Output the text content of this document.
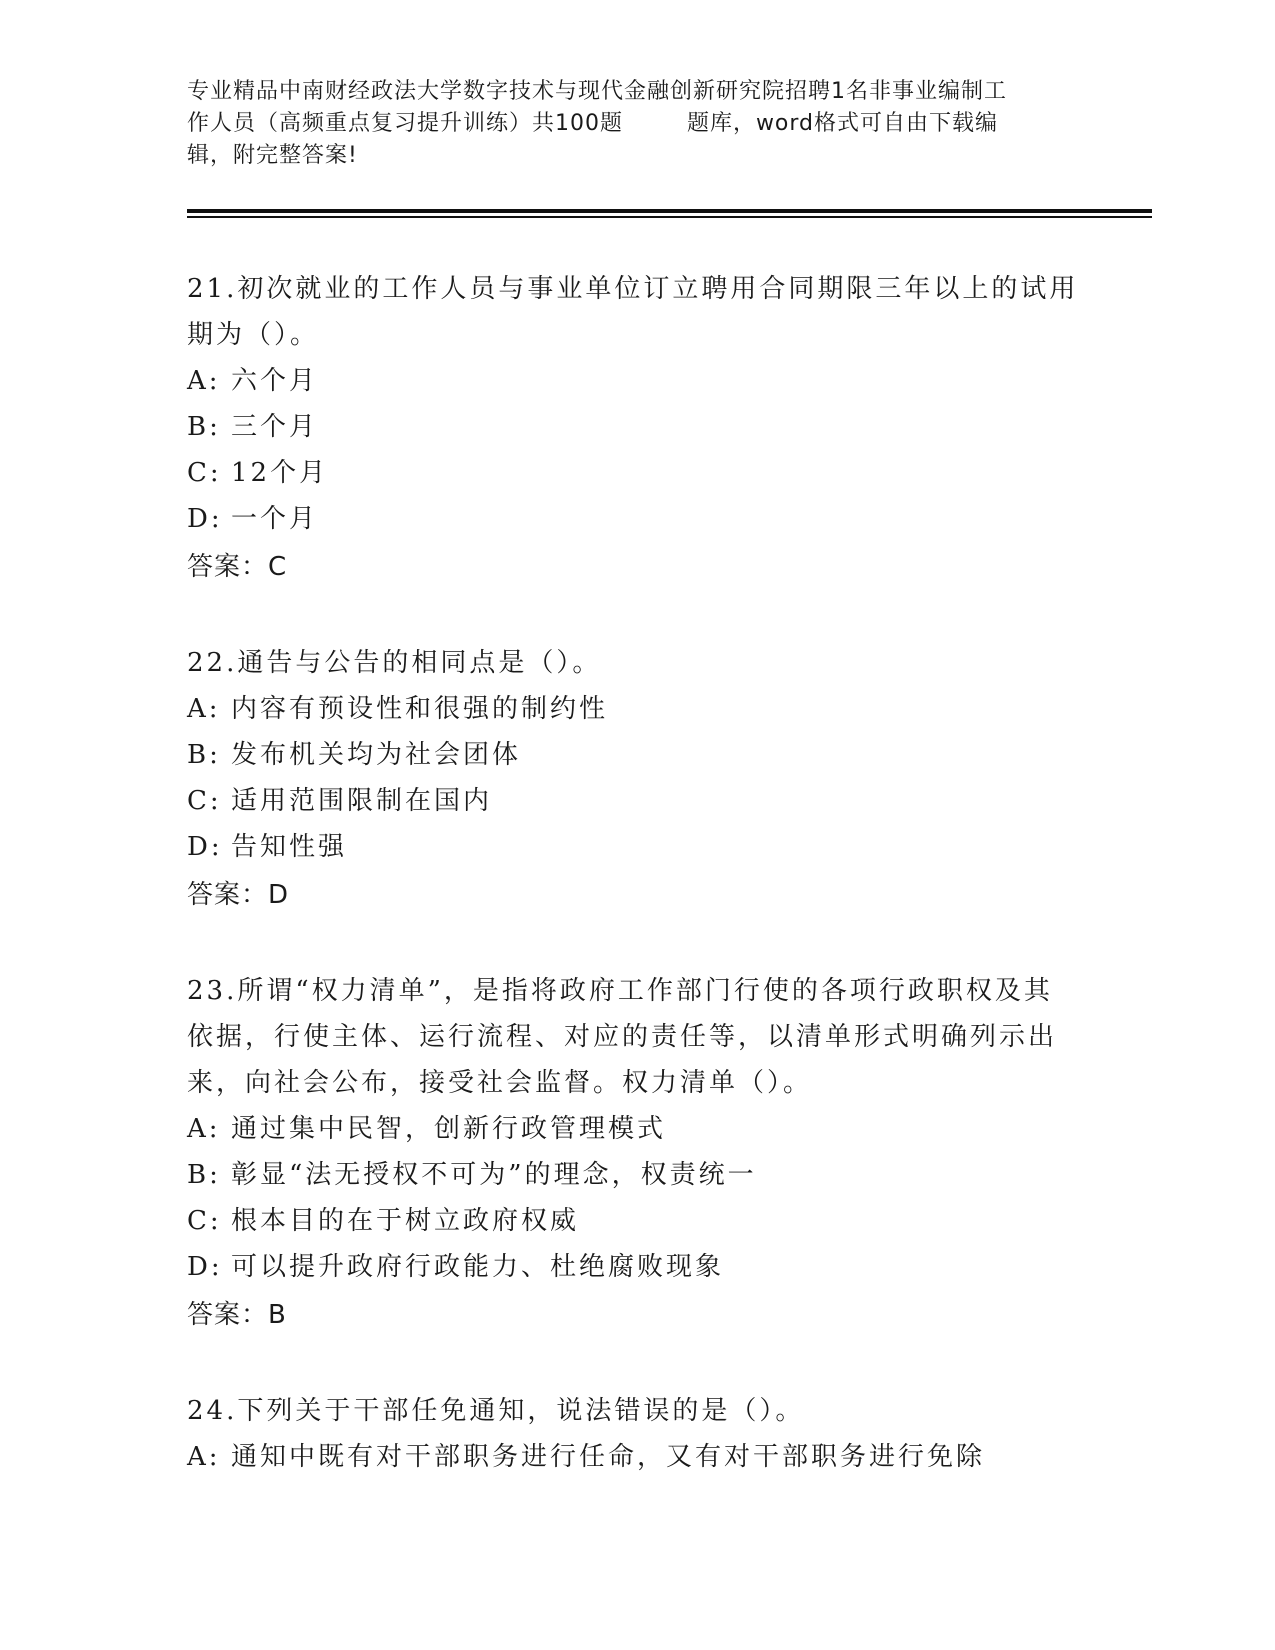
专业精品中南财经政法大学数字技术与现代金融创新研究院招聘1名非事业编制工
作人员（高频重点复习提升训练）共100题        题库，word格式可自由下载编
辑，附完整答案!
21.初次就业的工作人员与事业单位订立聘用合同期限三年以上的试用
期为（）。
A: 六个月
B: 三个月
C: 12个月
D: 一个月
答案：C
22.通告与公告的相同点是（）。
A: 内容有预设性和很强的制约性
B: 发布机关均为社会团体
C: 适用范围限制在国内
D: 告知性强
答案：D
23.所谓“权力清单”，是指将政府工作部门行使的各项行政职权及其
依据，行使主体、运行流程、对应的责任等，以清单形式明确列示出
来，向社会公布，接受社会监督。权力清单（）。
A: 通过集中民智，创新行政管理模式
B: 彰显“法无授权不可为”的理念，权责统一
C: 根本目的在于树立政府权威
D: 可以提升政府行政能力、杜绝腐败现象
答案：B
24.下列关于干部任免通知，说法错误的是（）。
A: 通知中既有对干部职务进行任命，又有对干部职务进行免除
